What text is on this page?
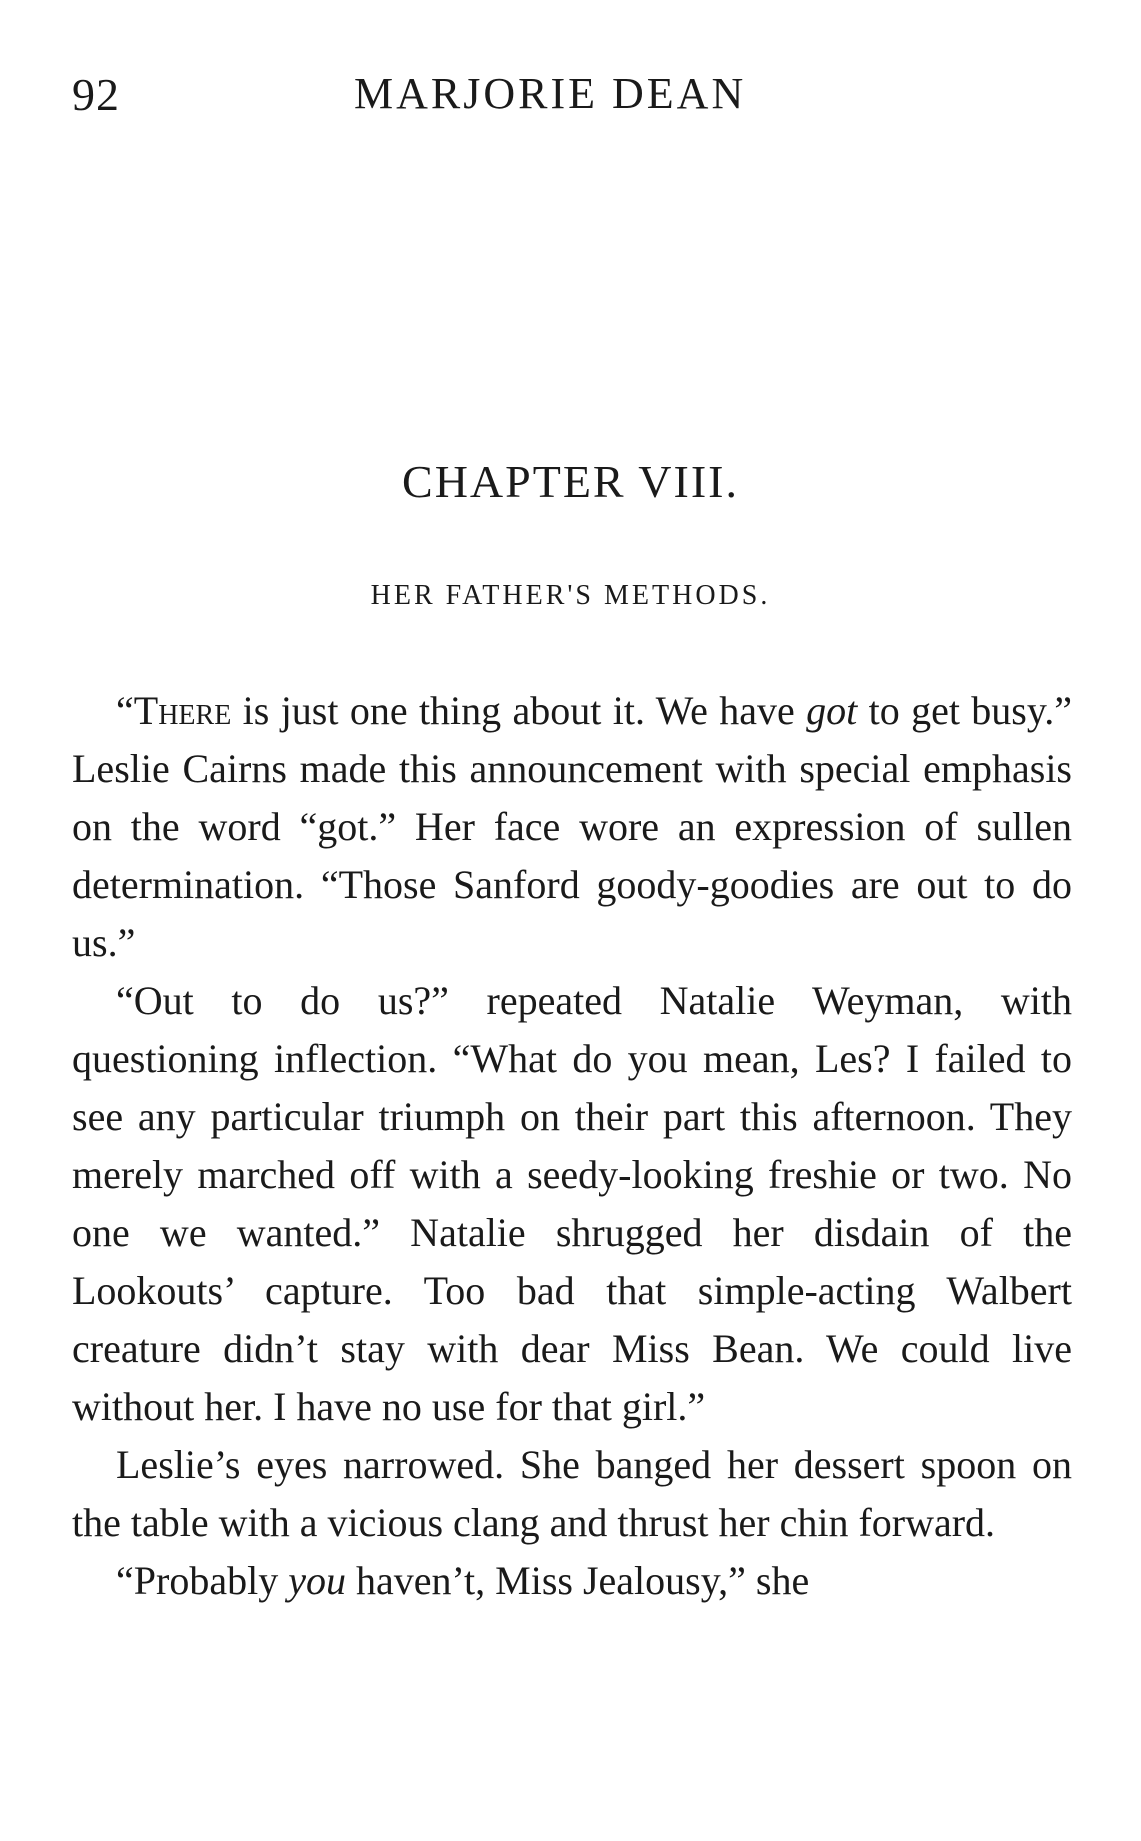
92	MARJORIE DEAN
CHAPTER VIII.
HER FATHER'S METHODS.

“There is just one thing about it. We have got to get busy.” Leslie Cairns made this announcement with special emphasis on the word “got.” Her face wore an expression of sullen determination. “Those Sanford goody-goodies are out to do us.”

“Out to do us?” repeated Natalie Weyman, with questioning inflection. “What do you mean, Les? I failed to see any particular triumph on their part this afternoon. They merely marched off with a seedy-looking freshie or two. No one we wanted.” Natalie shrugged her disdain of the Lookouts’ capture. Too bad that simple-acting Walbert creature didn’t stay with dear Miss Bean. We could live without her. I have no use for that girl.”

Leslie’s eyes narrowed. She banged her dessert spoon on the table with a vicious clang and thrust her chin forward.

“Probably you haven’t, Miss Jealousy,” she
